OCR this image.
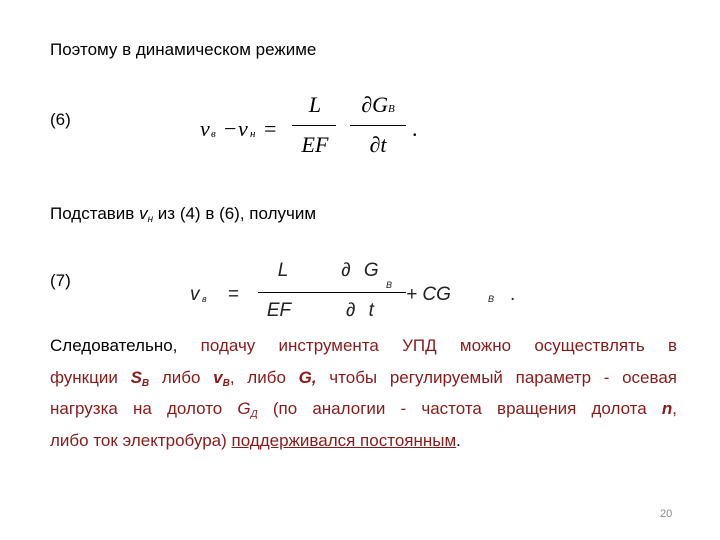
Поэтому в динамическом режиме
(6)	v в − v н =
L
EF
∂GВ
∂t
.
Подставив vн из (4) в (6), получим
(7)
v в =
L
EF
∂ G
В
∂ t
+ CG	В .
Следовательно, подачу инструмента УПД можно осуществлять в
функции $S_В$ либо $v_В$, либо G, чтобы регулируемый параметр - осевая
нагрузка на долото $G_Д$ (по аналогии - частота вращения долота n,
либо ток электробура) поддерживался постоянным.
20
